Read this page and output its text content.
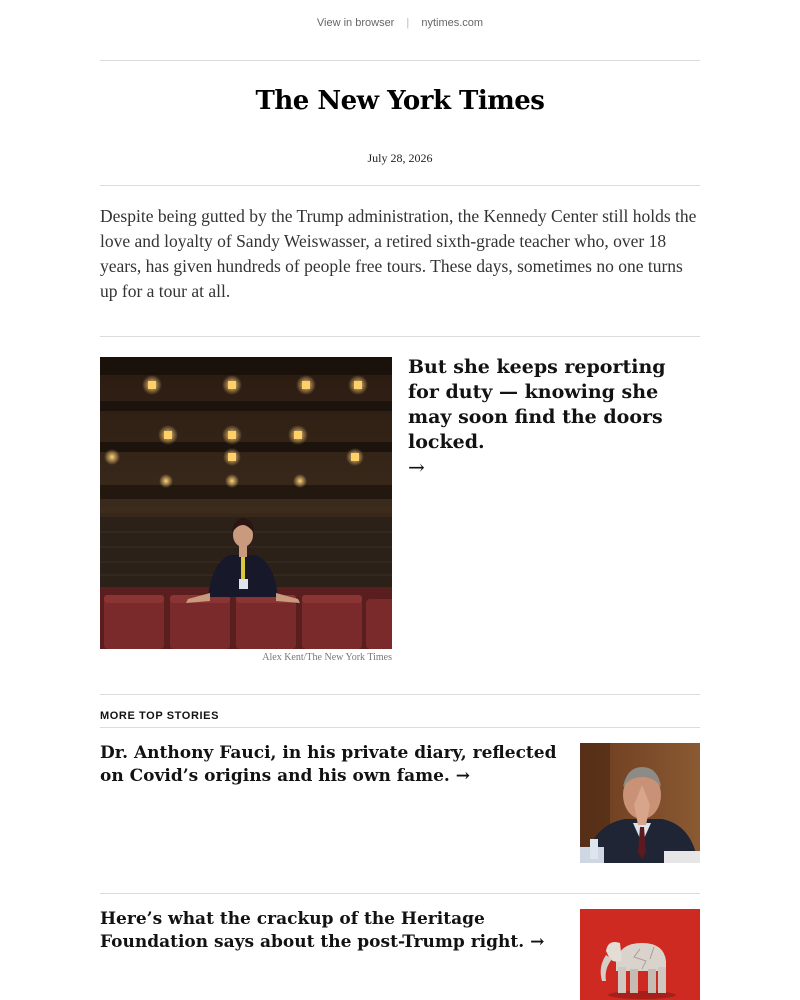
View in browser | nytimes.com
The New York Times
July 28, 2026
Despite being gutted by the Trump administration, the Kennedy Center still holds the love and loyalty of Sandy Weiswasser, a retired sixth-grade teacher who, over 18 years, has given hundreds of people free tours. These days, sometimes no one turns up for a tour at all.
Alex Kent/The New York Times
But she keeps reporting for duty — knowing she may soon find the doors locked.
→
MORE TOP STORIES
Dr. Anthony Fauci, in his private diary, reflected on Covid’s origins and his own fame. →
Here’s what the crackup of the Heritage Foundation says about the post-Trump right. →
